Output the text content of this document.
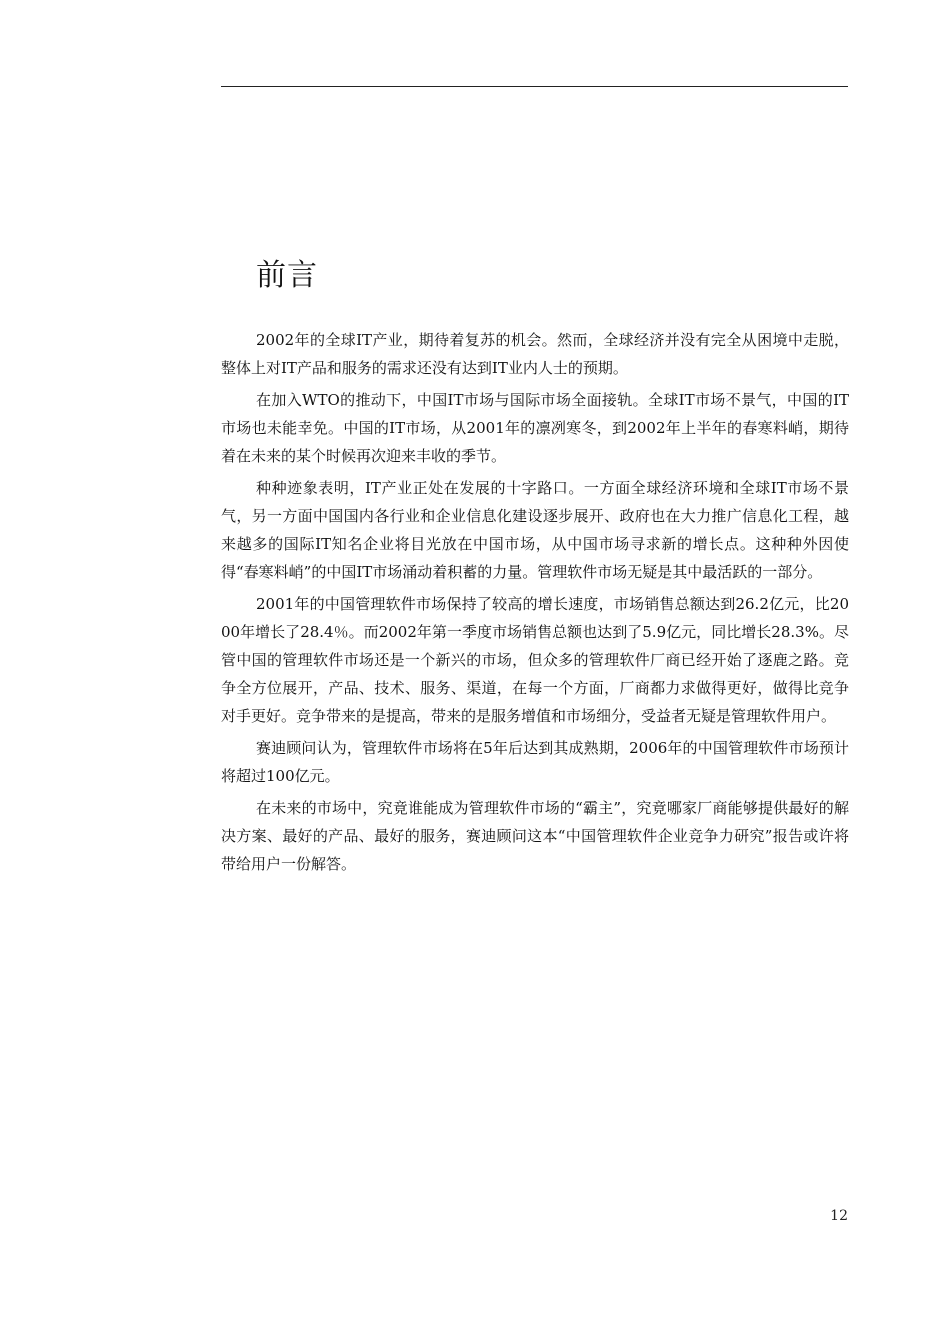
前言

2002年的全球IT产业，期待着复苏的机会。然而，全球经济并没有完全从困境中走脱，整体上对IT产品和服务的需求还没有达到IT业内人士的预期。

在加入WTO的推动下，中国IT市场与国际市场全面接轨。全球IT市场不景气，中国的IT市场也未能幸免。中国的IT市场，从2001年的凛冽寒冬，到2002年上半年的春寒料峭，期待着在未来的某个时候再次迎来丰收的季节。

种种迹象表明，IT产业正处在发展的十字路口。一方面全球经济环境和全球IT市场不景气，另一方面中国国内各行业和企业信息化建设逐步展开、政府也在大力推广信息化工程，越来越多的国际IT知名企业将目光放在中国市场，从中国市场寻求新的增长点。这种种外因使得“春寒料峭”的中国IT市场涌动着积蓄的力量。管理软件市场无疑是其中最活跃的一部分。

2001年的中国管理软件市场保持了较高的增长速度，市场销售总额达到26.2亿元，比2000年增长了28.4％。而2002年第一季度市场销售总额也达到了5.9亿元，同比增长28.3%。尽管中国的管理软件市场还是一个新兴的市场，但众多的管理软件厂商已经开始了逐鹿之路。竞争全方位展开，产品、技术、服务、渠道，在每一个方面，厂商都力求做得更好，做得比竞争对手更好。竞争带来的是提高，带来的是服务增值和市场细分，受益者无疑是管理软件用户。

赛迪顾问认为，管理软件市场将在5年后达到其成熟期，2006年的中国管理软件市场预计将超过100亿元。

在未来的市场中，究竟谁能成为管理软件市场的“霸主”，究竟哪家厂商能够提供最好的解决方案、最好的产品、最好的服务，赛迪顾问这本“中国管理软件企业竞争力研究”报告或许将带给用户一份解答。

12
